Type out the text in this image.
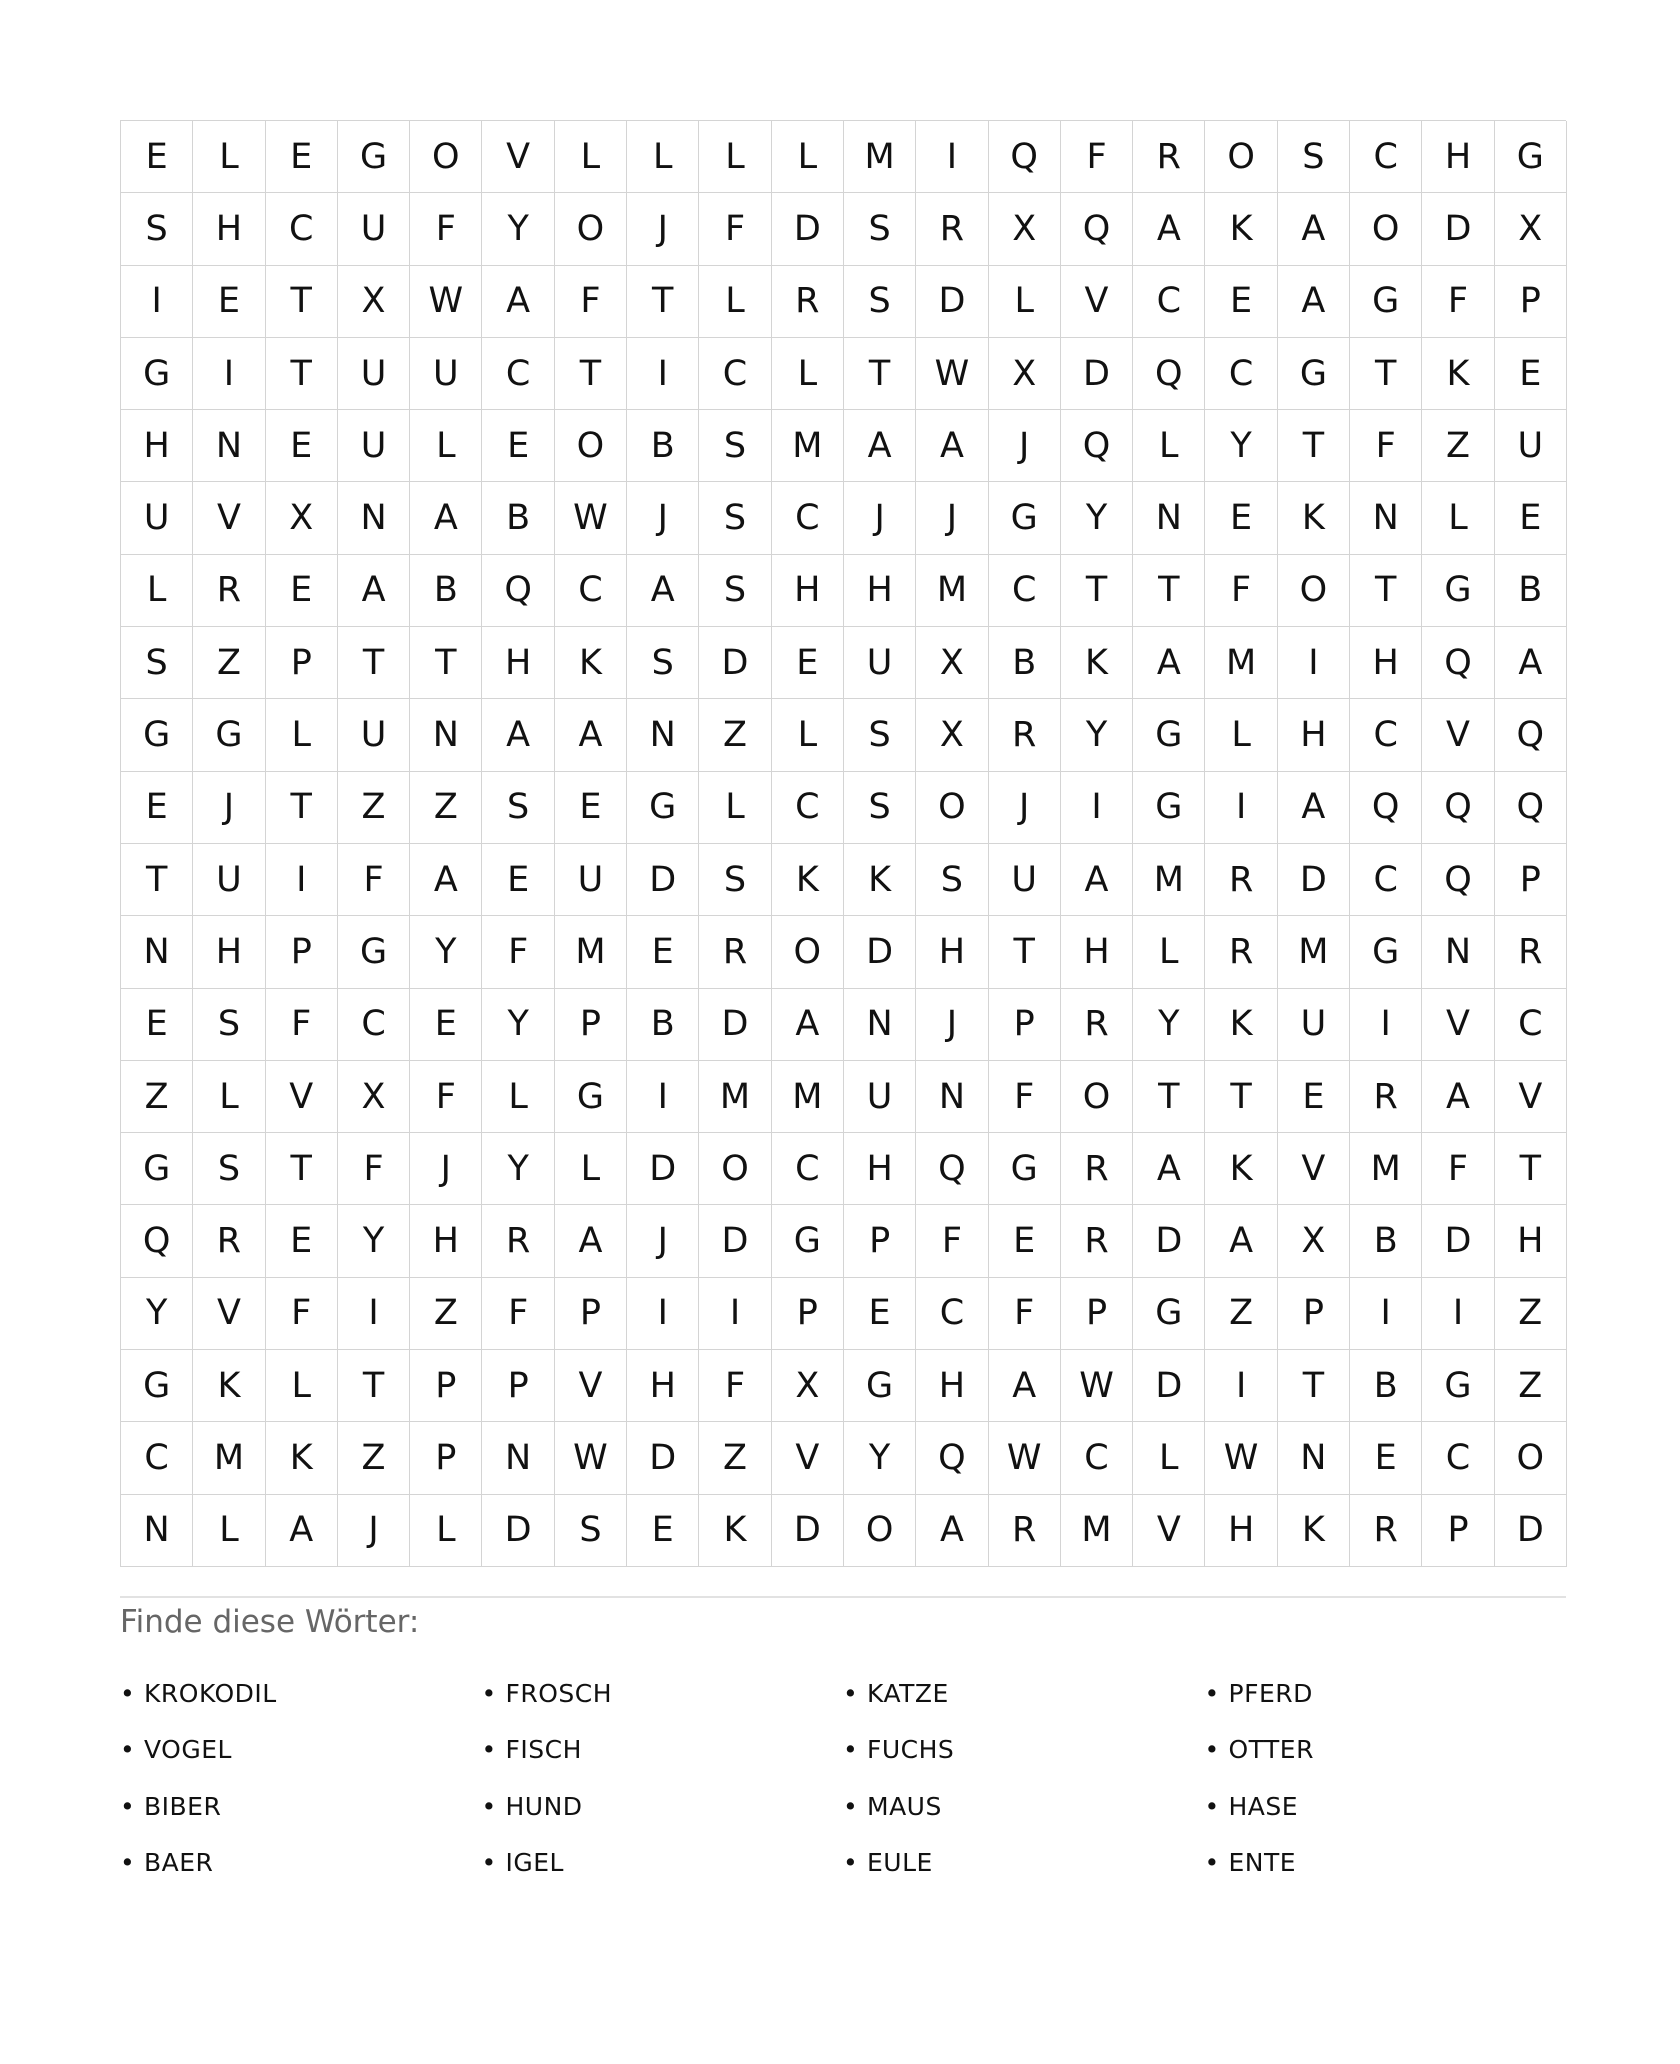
E	L	E	G	O	V	L	L	L	L	M	I	Q	F	R	O	S	C	H	G
S	H	C	U	F	Y	O	J	F	D	S	R	X	Q	A	K	A	O	D	X
I	E	T	X	W	A	F	T	L	R	S	D	L	V	C	E	A	G	F	P
G	I	T	U	U	C	T	I	C	L	T	W	X	D	Q	C	G	T	K	E
H	N	E	U	L	E	O	B	S	M	A	A	J	Q	L	Y	T	F	Z	U
U	V	X	N	A	B	W	J	S	C	J	J	G	Y	N	E	K	N	L	E
L	R	E	A	B	Q	C	A	S	H	H	M	C	T	T	F	O	T	G	B
S	Z	P	T	T	H	K	S	D	E	U	X	B	K	A	M	I	H	Q	A
G	G	L	U	N	A	A	N	Z	L	S	X	R	Y	G	L	H	C	V	Q
E	J	T	Z	Z	S	E	G	L	C	S	O	J	I	G	I	A	Q	Q	Q
T	U	I	F	A	E	U	D	S	K	K	S	U	A	M	R	D	C	Q	P
N	H	P	G	Y	F	M	E	R	O	D	H	T	H	L	R	M	G	N	R
E	S	F	C	E	Y	P	B	D	A	N	J	P	R	Y	K	U	I	V	C
Z	L	V	X	F	L	G	I	M	M	U	N	F	O	T	T	E	R	A	V
G	S	T	F	J	Y	L	D	O	C	H	Q	G	R	A	K	V	M	F	T
Q	R	E	Y	H	R	A	J	D	G	P	F	E	R	D	A	X	B	D	H
Y	V	F	I	Z	F	P	I	I	P	E	C	F	P	G	Z	P	I	I	Z
G	K	L	T	P	P	V	H	F	X	G	H	A	W	D	I	T	B	G	Z
C	M	K	Z	P	N	W	D	Z	V	Y	Q	W	C	L	W	N	E	C	O
N	L	A	J	L	D	S	E	K	D	O	A	R	M	V	H	K	R	P	D
Finde diese Wörter:
• KROKODIL	• FROSCH	• KATZE	• PFERD
• VOGEL	• FISCH	• FUCHS	• OTTER
• BIBER	• HUND	• MAUS	• HASE
• BAER	• IGEL	• EULE	• ENTE
